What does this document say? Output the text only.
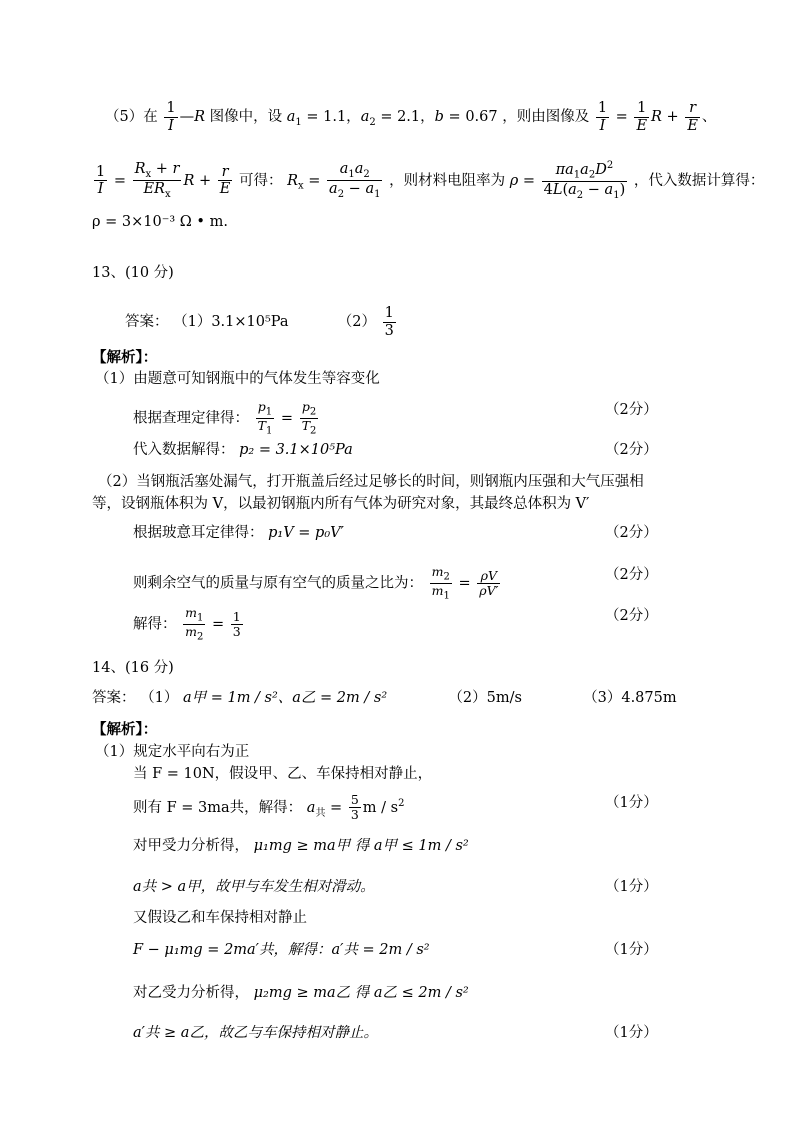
（5）在 $\frac{1}{I}$ —R 图像中，设 $a_1 = 1.1$，$a_2 = 2.1$，b = 0.67 ，则由图像及 $\frac{1}{I} = \frac{1}{E}$ $R + \frac{r}{E}$ 、
$\frac{1}{I} = \frac{R_x + r}{ER_x}$ $R + \frac{r}{E}$ 可得： $R_x = \frac{a_1a_2}{a_2 - a_1}$ ，则材料电阻率为 $\rho = \frac{\pi a_1a_2D^2}{4L(a_2 - a_1)}$ ，代入数据计算得：
ρ = 3×10⁻³ Ω • m.
13、(10 分)
答案： （1）3.1×10⁵Pa	$(2) \frac{1}{3}$
【解析】：
（1）由题意可知钢瓶中的气体发生等容变化
根据查理定律得： $\frac{p_1}{T_1} = \frac{p_2}{T_2}$	（2分）
代入数据解得： p₂ = 3.1×10⁵Pa	（2分）
（2）当钢瓶活塞处漏气，打开瓶盖后经过足够长的时间，则钢瓶内压强和大气压强相
等，设钢瓶体积为 V，以最初钢瓶内所有气体为研究对象，其最终总体积为 V′
根据玻意耳定律得： p₁V = p₀V′	（2分）
则剩余空气的质量与原有空气的质量之比为： $\frac{m_2}{m_1} = \frac{\rho V}{\rho V'}$	（2分）
解得： $\frac{m_1}{m_2} = \frac{1}{3}$	（2分）
14、(16 分)
答案： （1） a甲 = 1m / s²、a乙 = 2m / s²	（2）5m/s	（3）4.875m
【解析】：
（1）规定水平向右为正
当 F = 10N，假设甲、乙、车保持相对静止，
则有 F = 3ma共，解得： $a_共 = \frac{5}{3}$ m / $s^2$	（1分）
对甲受力分析得， μ₁mg ≥ ma甲 得 a甲 ≤ 1m / s²
a共 > a甲，故甲与车发生相对滑动。	（1分）
又假设乙和车保持相对静止
F − μ₁mg = 2ma′共，解得：a′共 = 2m / s²	（1分）
对乙受力分析得， μ₂mg ≥ ma乙 得 a乙 ≤ 2m / s²
a′共 ≥ a乙，故乙与车保持相对静止。	（1分）
